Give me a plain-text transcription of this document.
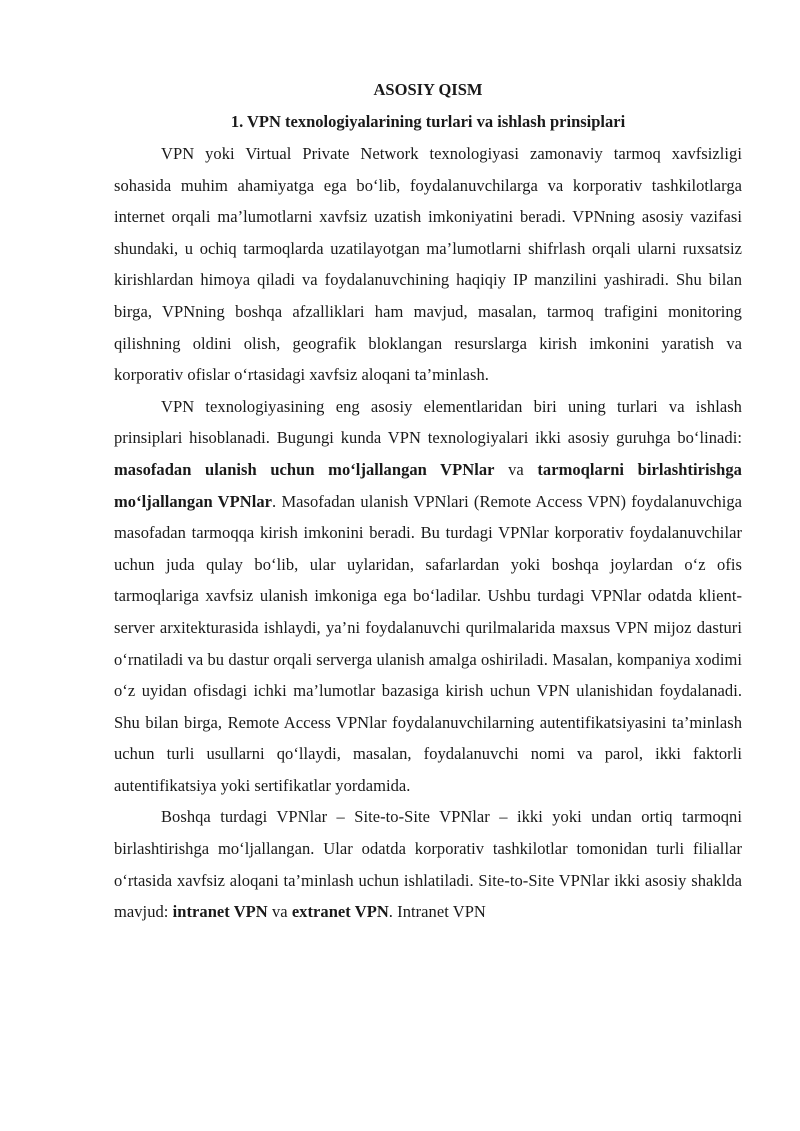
ASOSIY QISM
1. VPN texnologiyalarining turlari va ishlash prinsiplari

VPN yoki Virtual Private Network texnologiyasi zamonaviy tarmoq xavfsizligi sohasida muhim ahamiyatga ega bo‘lib, foydalanuvchilarga va korporativ tashkilotlarga internet orqali ma’lumotlarni xavfsiz uzatish imkoniyatini beradi. VPNning asosiy vazifasi shundaki, u ochiq tarmoqlarda uzatilayotgan ma’lumotlarni shifrlash orqali ularni ruxsatsiz kirishlardan himoya qiladi va foydalanuvchining haqiqiy IP manzilini yashiradi. Shu bilan birga, VPNning boshqa afzalliklari ham mavjud, masalan, tarmoq trafigini monitoring qilishning oldini olish, geografik bloklangan resurslarga kirish imkonini yaratish va korporativ ofislar o‘rtasidagi xavfsiz aloqani ta’minlash.

VPN texnologiyasining eng asosiy elementlaridan biri uning turlari va ishlash prinsiplari hisoblanadi. Bugungi kunda VPN texnologiyalari ikki asosiy guruhga bo‘linadi: masofadan ulanish uchun mo‘ljallangan VPNlar va tarmoqlarni birlashtirishga mo‘ljallangan VPNlar. Masofadan ulanish VPNlari (Remote Access VPN) foydalanuvchiga masofadan tarmoqqa kirish imkonini beradi. Bu turdagi VPNlar korporativ foydalanuvchilar uchun juda qulay bo‘lib, ular uylaridan, safarlardan yoki boshqa joylardan o‘z ofis tarmoqlariga xavfsiz ulanish imkoniga ega bo‘ladilar. Ushbu turdagi VPNlar odatda klient-server arxitekturasida ishlaydi, ya’ni foydalanuvchi qurilmalarida maxsus VPN mijoz dasturi o‘rnatiladi va bu dastur orqali serverga ulanish amalga oshiriladi. Masalan, kompaniya xodimi o‘z uyidan ofisdagi ichki ma’lumotlar bazasiga kirish uchun VPN ulanishidan foydalanadi. Shu bilan birga, Remote Access VPNlar foydalanuvchilarning autentifikatsiyasini ta’minlash uchun turli usullarni qo‘llaydi, masalan, foydalanuvchi nomi va parol, ikki faktorli autentifikatsiya yoki sertifikatlar yordamida.

Boshqa turdagi VPNlar – Site-to-Site VPNlar – ikki yoki undan ortiq tarmoqni birlashtirishga mo‘ljallangan. Ular odatda korporativ tashkilotlar tomonidan turli filiallar o‘rtasida xavfsiz aloqani ta’minlash uchun ishlatiladi. Site-to-Site VPNlar ikki asosiy shaklda mavjud: intranet VPN va extranet VPN. Intranet VPN
